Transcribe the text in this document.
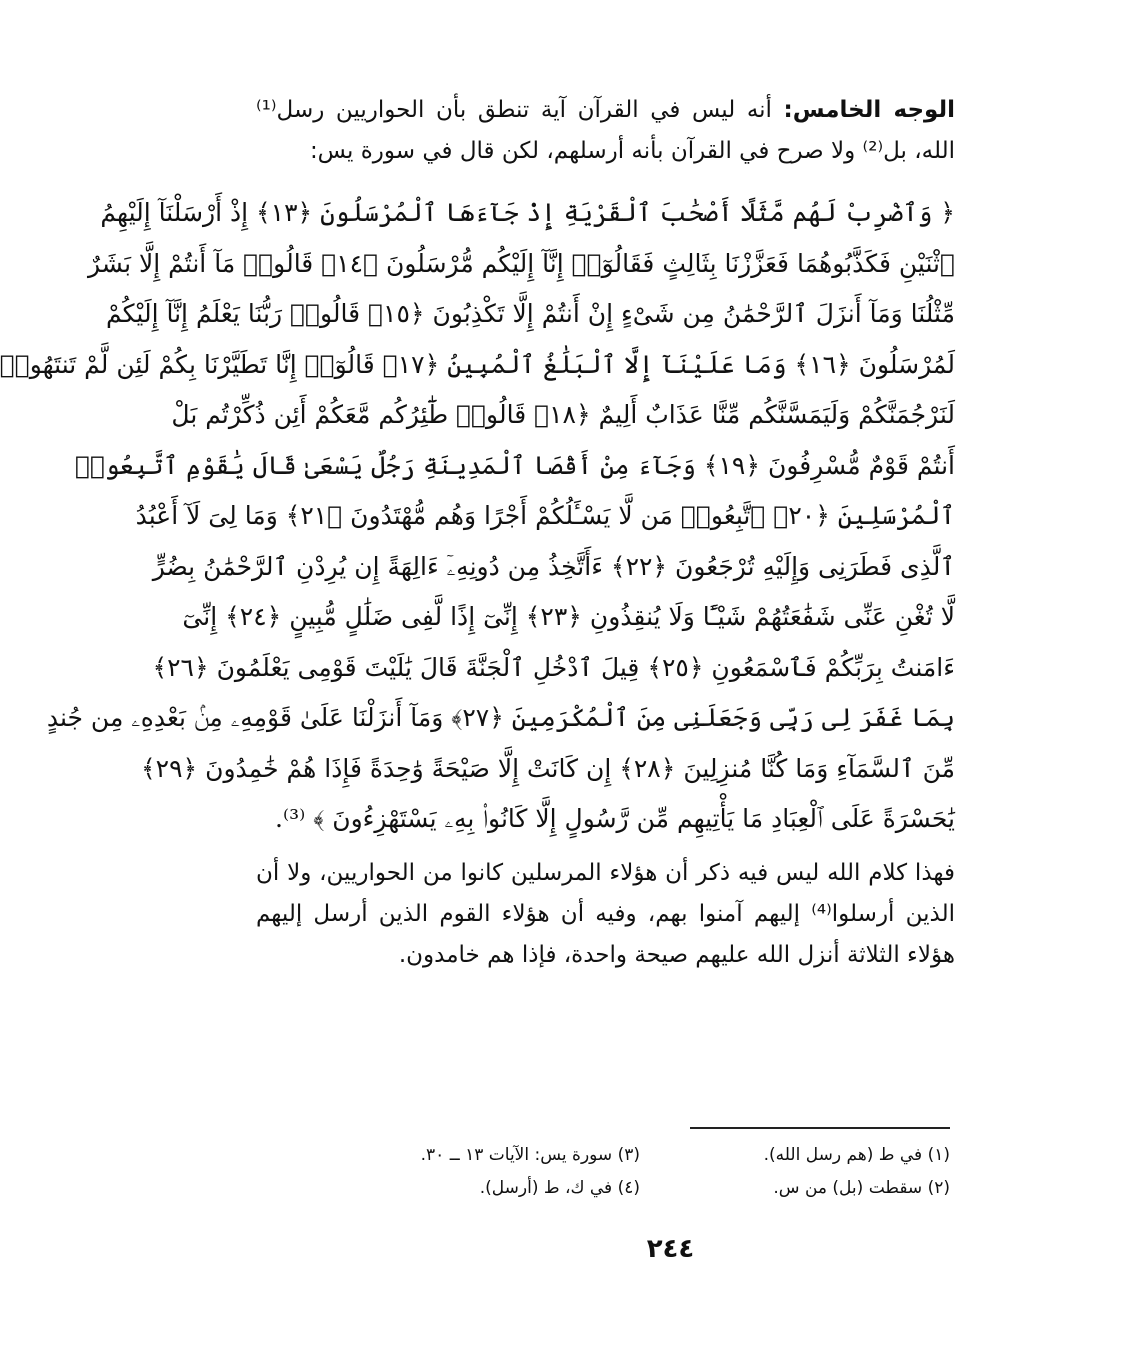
الوجه الخامس: أنه ليس في القرآن آية تنطق بأن الحواريين رسل⁽¹⁾ الله، بل⁽²⁾ ولا صرح في القرآن بأنه أرسلهم، لكن قال في سورة يس:

﴿ وَٱضْرِبْ لَهُم مَّثَلًا أَصْحَٰبَ ٱلْقَرْيَةِ إِذْ جَآءَهَا ٱلْمُرْسَلُونَ ﴿١٣﴾ إِذْ أَرْسَلْنَآ إِلَيْهِمُ
ٱثْنَيْنِ فَكَذَّبُوهُمَا فَعَزَّزْنَا بِثَالِثٍ فَقَالُوٓا۟ إِنَّآ إِلَيْكُم مُّرْسَلُونَ ﴿١٤﴾ قَالُوا۟ مَآ أَنتُمْ إِلَّا بَشَرٌ
مِّثْلُنَا وَمَآ أَنزَلَ ٱلرَّحْمَٰنُ مِن شَىْءٍ إِنْ أَنتُمْ إِلَّا تَكْذِبُونَ ﴿١٥﴾ قَالُوا۟ رَبُّنَا يَعْلَمُ إِنَّآ إِلَيْكُمْ
لَمُرْسَلُونَ ﴿١٦﴾ وَمَا عَلَيْنَآ إِلَّا ٱلْبَلَٰغُ ٱلْمُبِينُ ﴿١٧﴾ قَالُوٓا۟ إِنَّا تَطَيَّرْنَا بِكُمْ لَئِن لَّمْ تَنتَهُوا۟
لَنَرْجُمَنَّكُمْ وَلَيَمَسَّنَّكُم مِّنَّا عَذَابٌ أَلِيمٌ ﴿١٨﴾ قَالُوا۟ طَٰٓئِرُكُم مَّعَكُمْ أَئِن ذُكِّرْتُم بَلْ
أَنتُمْ قَوْمٌ مُّسْرِفُونَ ﴿١٩﴾ وَجَآءَ مِنْ أَقْصَا ٱلْمَدِينَةِ رَجُلٌ يَسْعَىٰ قَالَ يَٰقَوْمِ ٱتَّبِعُوا۟
ٱلْمُرْسَلِينَ ﴿٢٠﴾ ٱتَّبِعُوا۟ مَن لَّا يَسْـَٔلُكُمْ أَجْرًا وَهُم مُّهْتَدُونَ ﴿٢١﴾ وَمَا لِىَ لَآ أَعْبُدُ
ٱلَّذِى فَطَرَنِى وَإِلَيْهِ تُرْجَعُونَ ﴿٢٢﴾ ءَأَتَّخِذُ مِن دُونِهِۦٓ ءَالِهَةً إِن يُرِدْنِ ٱلرَّحْمَٰنُ بِضُرٍّ
لَّا تُغْنِ عَنِّى شَفَٰعَتُهُمْ شَيْـًٔا وَلَا يُنقِذُونِ ﴿٢٣﴾ إِنِّىٓ إِذًا لَّفِى ضَلَٰلٍ مُّبِينٍ ﴿٢٤﴾ إِنِّىٓ
ءَامَنتُ بِرَبِّكُمْ فَٱسْمَعُونِ ﴿٢٥﴾ قِيلَ ٱدْخُلِ ٱلْجَنَّةَ قَالَ يَٰلَيْتَ قَوْمِى يَعْلَمُونَ ﴿٢٦﴾
بِمَا غَفَرَ لِى رَبِّى وَجَعَلَنِى مِنَ ٱلْمُكْرَمِينَ ﴿٢٧﴾ وَمَآ أَنزَلْنَا عَلَىٰ قَوْمِهِۦ مِنۢ بَعْدِهِۦ مِن جُندٍ
مِّنَ ٱلسَّمَآءِ وَمَا كُنَّا مُنزِلِينَ ﴿٢٨﴾ إِن كَانَتْ إِلَّا صَيْحَةً وَٰحِدَةً فَإِذَا هُمْ خَٰمِدُونَ ﴿٢٩﴾
يَٰحَسْرَةً عَلَى ٱلْعِبَادِ مَا يَأْتِيهِم مِّن رَّسُولٍ إِلَّا كَانُوا۟ بِهِۦ يَسْتَهْزِءُونَ ﴾ ⁽³⁾.

فهذا كلام الله ليس فيه ذكر أن هؤلاء المرسلين كانوا من الحواريين، ولا أن الذين أرسلوا⁽⁴⁾ إليهم آمنوا بهم، وفيه أن هؤلاء القوم الذين أرسل إليهم هؤلاء الثلاثة أنزل الله عليهم صيحة واحدة، فإذا هم خامدون.

(١) في ط (هم رسل الله).
(٢) سقطت (بل) من س.
(٣) سورة يس: الآيات ١٣ ــ ٣٠.
(٤) في ك، ط (أرسل).
٢٤٤
